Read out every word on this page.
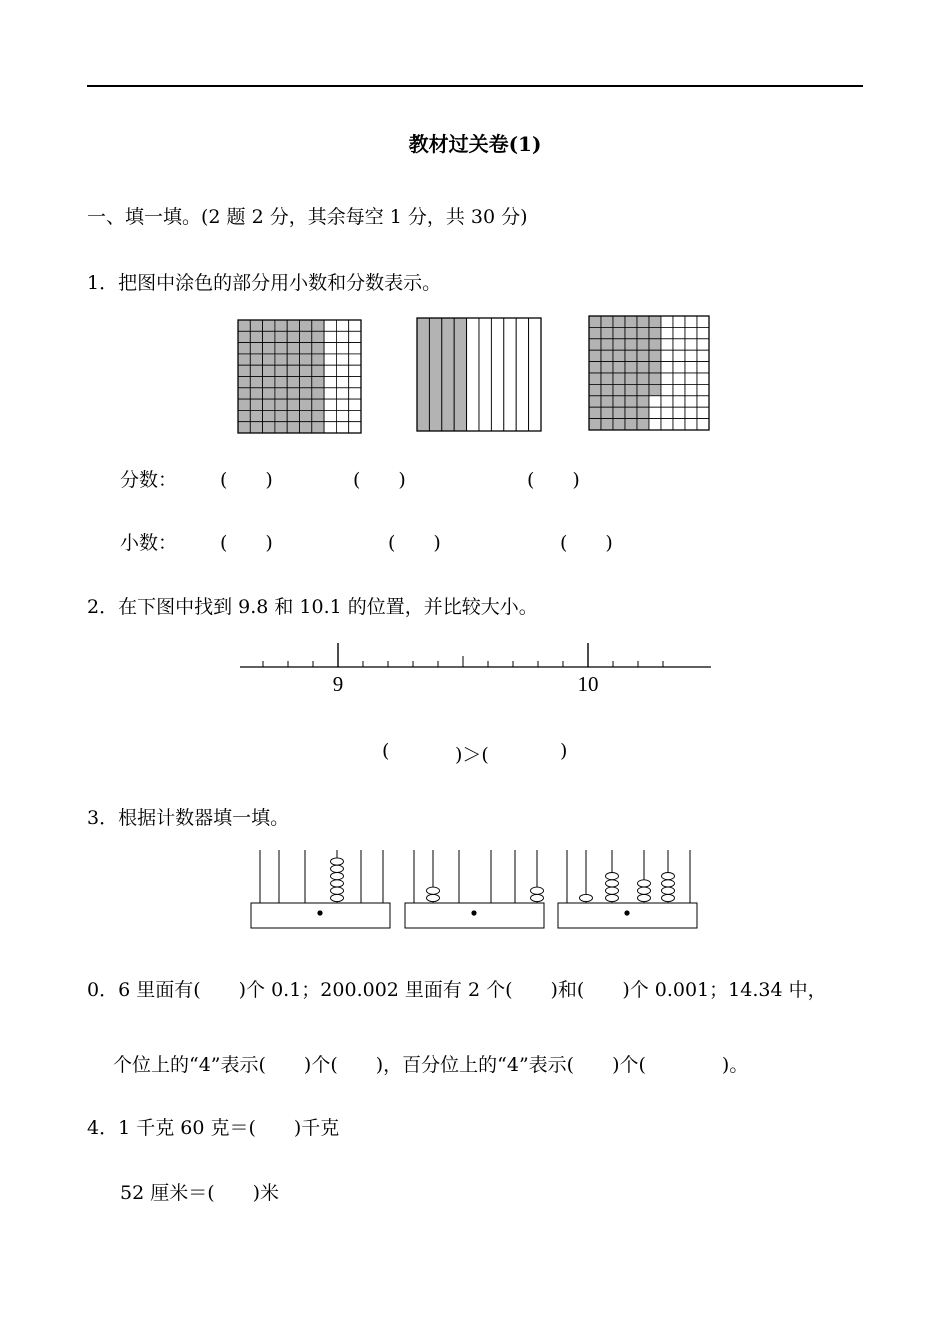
教材过关卷(1)
一、填一填。(2 题 2 分，其余每空 1 分，共 30 分)
1．把图中涂色的部分用小数和分数表示。
分数： (　　)	(　　)	(　　)
小数： (　　)	(　　)	(　　)
2．在下图中找到 9.8 和 10.1 的位置，并比较大小。
9	10
(	)＞(	)
3．根据计数器填一填。
0．6 里面有(　　)个 0.1；200.002 里面有 2 个(　　)和(　　)个 0.001；14.34 中，
个位上的“4”表示(　　)个(　　)，百分位上的“4”表示(　　)个(　　　　)。
4．1 千克 60 克＝(　　)千克
52 厘米＝(　　)米
